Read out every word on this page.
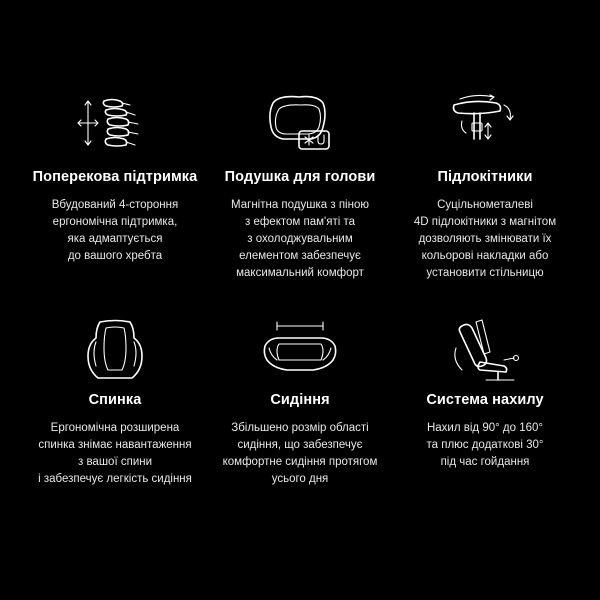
Поперекова підтримка
Вбудований 4-стороння
ергономічна підтримка,
яка адмаптується
до вашого хребта
Подушка для голови
Магнітна подушка з піною
з ефектом пам'яті та
з охолоджувальним
елементом забезпечує
максимальний комфорт
Підлокітники
Суцільнометалеві
4D підлокітники з магнітом
дозволяють змінювати їх
кольорові накладки або
установити стільницю
Спинка
Ергономічна розширена
спинка знімає навантаження
з вашої спини
і забезпечує легкість сидіння
Сидіння
Збільшено розмір області
сидіння, що забезпечує
комфортне сидіння протягом
усього дня
Система нахилу
Нахил від 90° до 160°
та плюс додаткові 30°
під час гойдання
